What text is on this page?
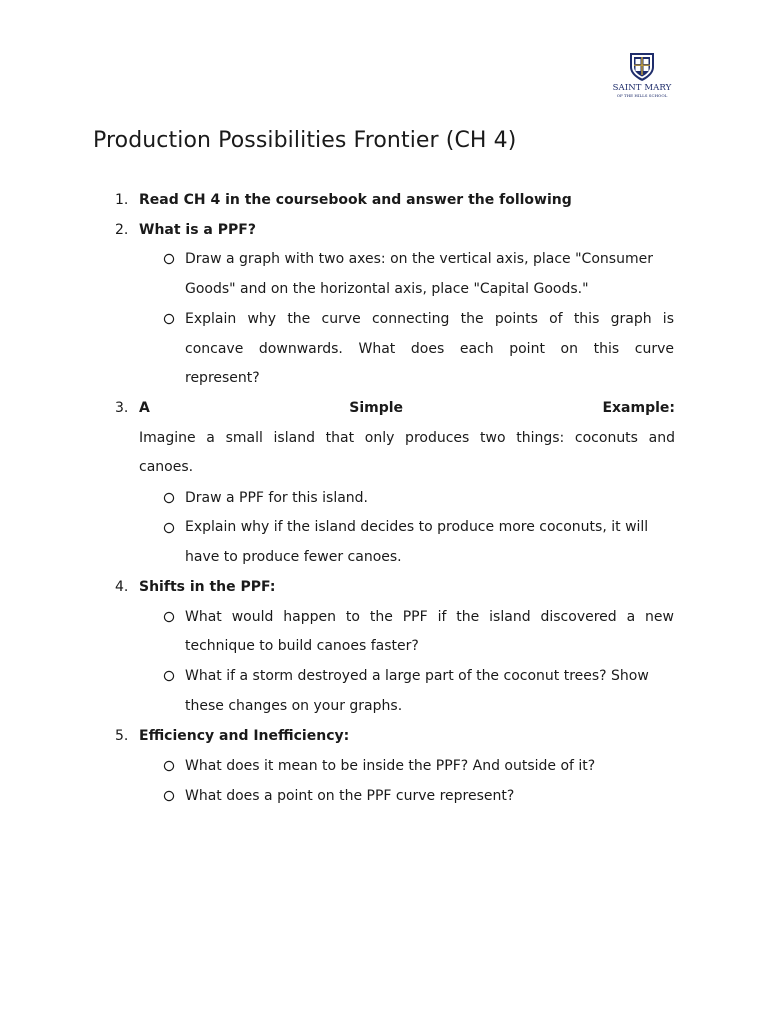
SAINT MARY
OF THE HILLS SCHOOL
Production Possibilities Frontier (CH 4)
1. Read CH 4 in the coursebook and answer the following
2. What is a PPF?
Draw a graph with two axes: on the vertical axis, place "Consumer
Goods" and on the horizontal axis, place "Capital Goods."
Explain why the curve connecting the points of this graph is
concave downwards. What does each point on this curve
represent?
3. A	Simple	Example:
Imagine a small island that only produces two things: coconuts and
canoes.
Draw a PPF for this island.
Explain why if the island decides to produce more coconuts, it will
have to produce fewer canoes.
4. Shifts in the PPF:
What would happen to the PPF if the island discovered a new
technique to build canoes faster?
What if a storm destroyed a large part of the coconut trees? Show
these changes on your graphs.
5. Efficiency and Inefficiency:
What does it mean to be inside the PPF? And outside of it?
What does a point on the PPF curve represent?
